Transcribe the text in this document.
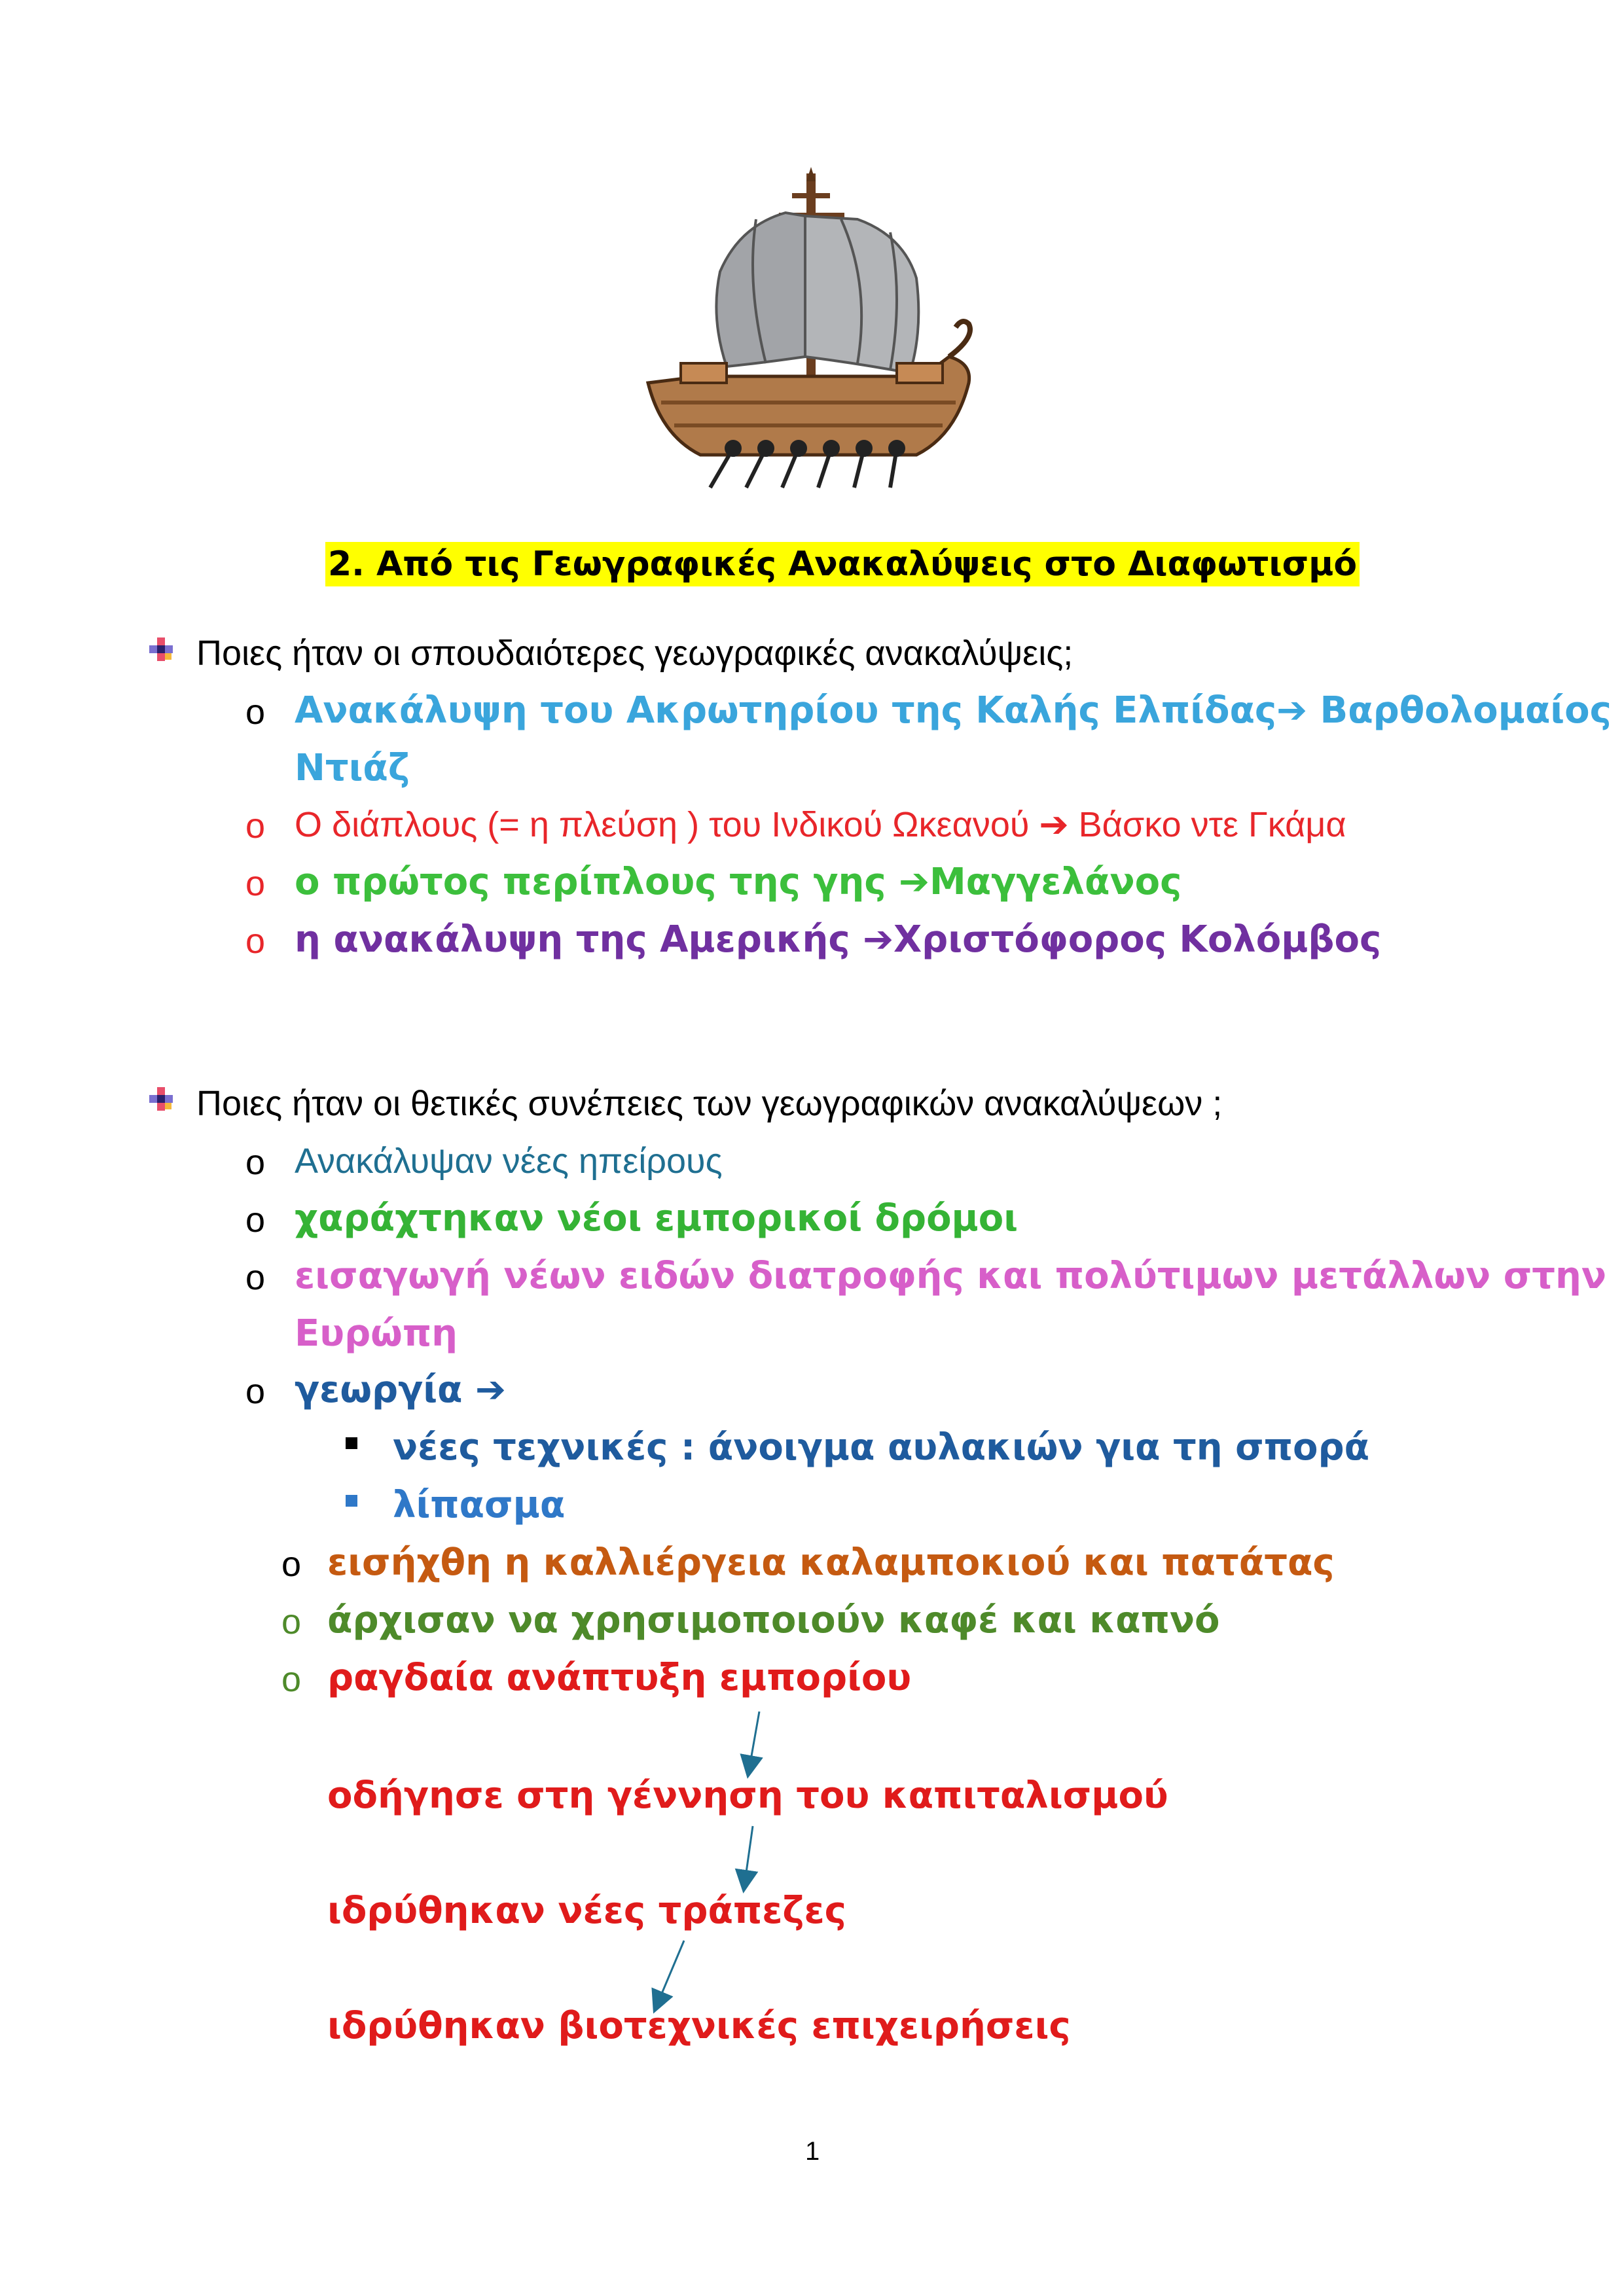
2. Από τις Γεωγραφικές Ανακαλύψεις στο Διαφωτισμό
Ποιες ήταν οι σπουδαιότερες γεωγραφικές ανακαλύψεις;
o Ανακάλυψη του Ακρωτηρίου της Καλής Ελπίδας➔ Βαρθολομαίος
Ντιάζ
o Ο διάπλους (= η πλεύση ) του Ινδικού Ωκεανού ➔ Βάσκο ντε Γκάμα
o ο πρώτος περίπλους της γης ➔Μαγγελάνος
o η ανακάλυψη της Αμερικής ➔Χριστόφορος Κολόμβος
Ποιες ήταν οι θετικές συνέπειες των γεωγραφικών ανακαλύψεων ;
o Ανακάλυψαν νέες ηπείρους
o χαράχτηκαν νέοι εμπορικοί δρόμοι
o εισαγωγή νέων ειδών διατροφής και πολύτιμων μετάλλων στην
Ευρώπη
o γεωργία ➔
νέες τεχνικές : άνοιγμα αυλακιών για τη σπορά
λίπασμα
o εισήχθη η καλλιέργεια καλαμποκιού και πατάτας
o άρχισαν να χρησιμοποιούν καφέ και καπνό
o ραγδαία ανάπτυξη εμπορίου
οδήγησε στη γέννηση του καπιταλισμού
ιδρύθηκαν νέες τράπεζες
ιδρύθηκαν βιοτεχνικές επιχειρήσεις
1
